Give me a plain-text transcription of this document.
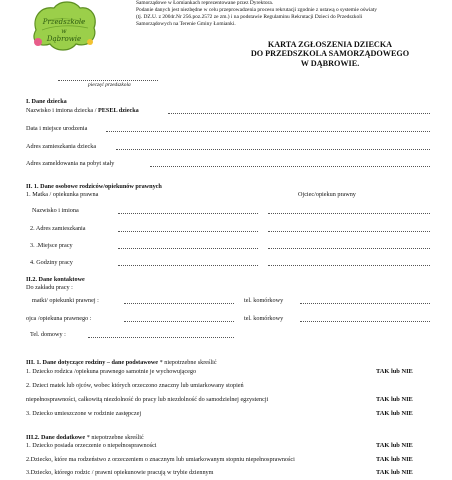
Przedszkole
w
Dąbrowie
Samorządowe w Łomiankach reprezentowane przez Dyrektora.
Podanie danych jest niezbędne w celu przeprowadzenia procesu rekrutacji zgodnie z ustawą o systemie oświaty
(tj. DZ.U. z 2004r.Nr 256.poz.2572 ze zm.) i na podstawie Regulaminu Rekrutacji Dzieci do Przedszkoli
Samorządowych na Terenie Gminy Łomianki.
KARTA ZGŁOSZENIA DZIECKA
DO PRZEDSZKOLA SAMORZĄDOWEGO
W DĄBROWIE.
pieczęć przedszkola
I. Dane dziecka
Nazwisko i imiona dziecka / PESEL dziecka
Data i miejsce urodzenia
Adres zamieszkania dziecka
Adres zameldowania na pobyt stały
II. 1. Dane osobowe rodziców/opiekunów prawnych
1. Matka / opiekunka prawna	Ojciec/opiekun prawny
Nazwisko i imiona
2. Adres zamieszkania
3. .Miejsce pracy
4. Godziny pracy
II.2. Dane kontaktowe
Do zakładu pracy :
matki/ opiekunki prawnej :	tel. komórkowy
ojca /opiekuna prawnego :	tel. komórkowy
Tel. domowy :
III. 1. Dane dotyczące rodziny – dane podstawowe * niepotrzebne skreślić
1. Dziecko rodzica /opiekuna prawnego samotnie je wychowującego	TAK lub NIE
2. Dzieci matek lub ojców, wobec których orzeczono znaczny lub umiarkowany stopień
niepełnosprawności, całkowitą niezdolność do pracy lub niezdolność do samodzielnej egzystencji	TAK lub NIE
3. Dziecko umieszczone w rodzinie zastępczej	TAK lub NIE
III.2. Dane dodatkowe * niepotrzebne skreślić
1. Dziecko posiada orzeczenie o niepełnosprawności	TAK lub NIE
2.Dziecko, które ma rodzeństwo z orzeczeniem o znacznym lub umiarkowanym stopniu niepełnosprawności	TAK lub NIE
3.Dziecko, którego rodzic / prawni opiekunowie pracują w trybie dziennym	TAK lub NIE
